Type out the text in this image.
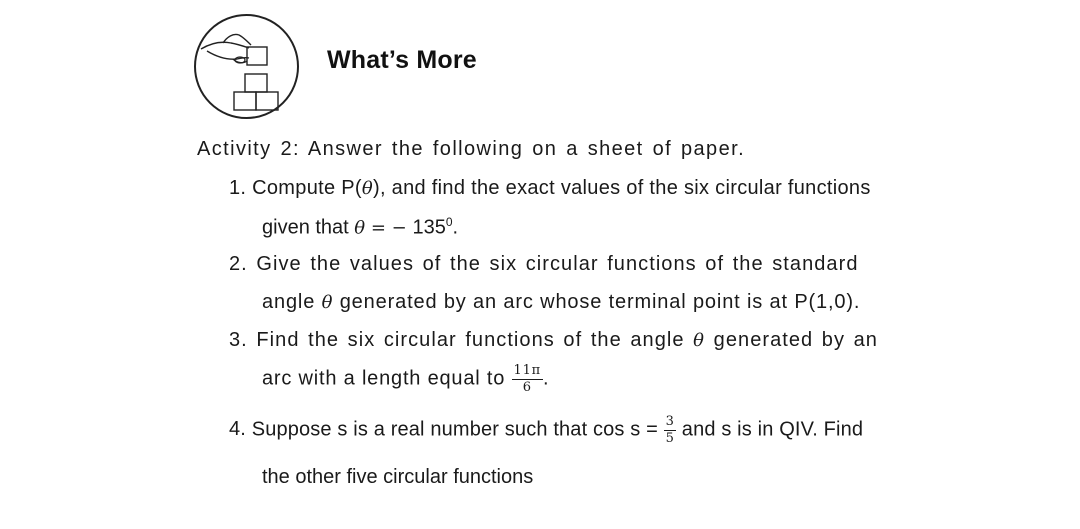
What’s More
Activity 2: Answer the following on a sheet of paper.
1. Compute P(θ), and find the exact values of the six circular functions
given that θ = − $135^0$.
2. Give the values of the six circular functions of the standard
angle θ generated by an arc whose terminal point is at P(1,0).
3. Find the six circular functions of the angle θ generated by an
arc with a length equal to $\frac{11\pi}{6}$ .
4. Suppose s is a real number such that $\cos s = \frac{3}{5}$ and s is in QIV. Find
the other five circular functions
